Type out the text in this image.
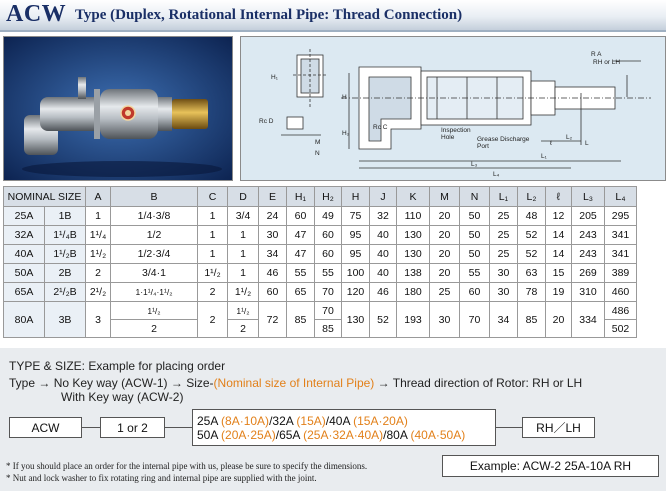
ACW Type (Duplex, Rotational Internal Pipe: Thread Connection)
R A
RH or LH
H₁
H
H₂
M
N
Rc D
Rc C	Inspection
Hole	Grease Discharge
Port
L₂
L
ℓ
L₁
L₃
L₄
NOMINAL SIZE		A	B	C	D	E	H₁	H₂	H	J	K	M	N	L₁	L₂	ℓ	L₃	L₄
25A	1B	1	1/4·3/8	1	3/4	24	60	49	75	32	110	20	50	25	48	12	205	295
32A	1¹/₄B	1¹/₄	1/2	1	1	30	47	60	95	40	130	20	50	25	52	14	243	341
40A	1¹/₂B	1¹/₂	1/2·3/4	1	1	34	47	60	95	40	130	20	50	25	52	14	243	341
50A	2B	2	3/4·1	1¹/₂	1	46	55	55	100	40	138	20	55	30	63	15	269	389
65A	2¹/₂B	2¹/₂	1·1¹/₄·1¹/₂	2	1¹/₂	60	65	70	120	46	180	25	60	30	78	19	310	460
80A	3B	3	1¹/₂	2	1¹/₂	72	85	70	130	52	193	30	70	34	85	20	334	486
			2		2			85										502
TYPE & SIZE: Example for placing order
Type → No Key way (ACW-1) → Size-(Nominal size of Internal Pipe) → Thread direction of Rotor: RH or LH
With Key way (ACW-2)
ACW	1 or 2	25A (8A·10A)/32A (15A)/40A (15A·20A)
50A (20A·25A)/65A (25A·32A·40A)/80A (40A·50A)	RH／LH
* If you should place an order for the internal pipe with us, please be sure to specify the dimensions.
* Nut and lock washer to fix rotating ring and internal pipe are supplied with the joint.
Example: ACW-2 25A-10A RH
